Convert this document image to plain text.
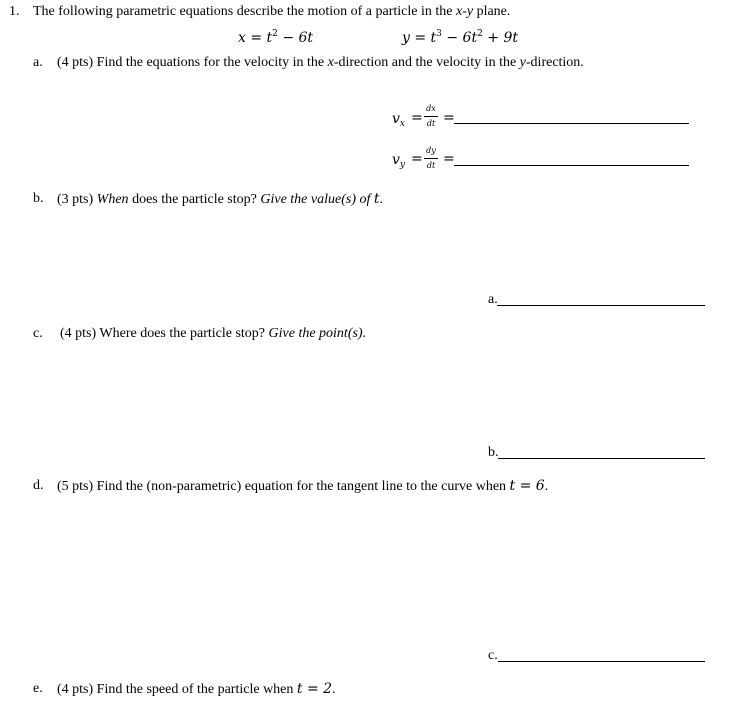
1. The following parametric equations describe the motion of a particle in the x-y plane.
$x = t^2 - 6t$	$y = t^3 - 6t^2 + 9t$
a. (4 pts) Find the equations for the velocity in the x-direction and the velocity in the y-direction.
$v_x$ =
dx
dt =
$v_y$ =
dy
dt =
b. (3 pts) When does the particle stop? Give the value(s) of t.
a.
c. (4 pts) Where does the particle stop? Give the point(s).
b.
d. (5 pts) Find the (non-parametric) equation for the tangent line to the curve when t = 6.
c.
e. (4 pts) Find the speed of the particle when t = 2.
